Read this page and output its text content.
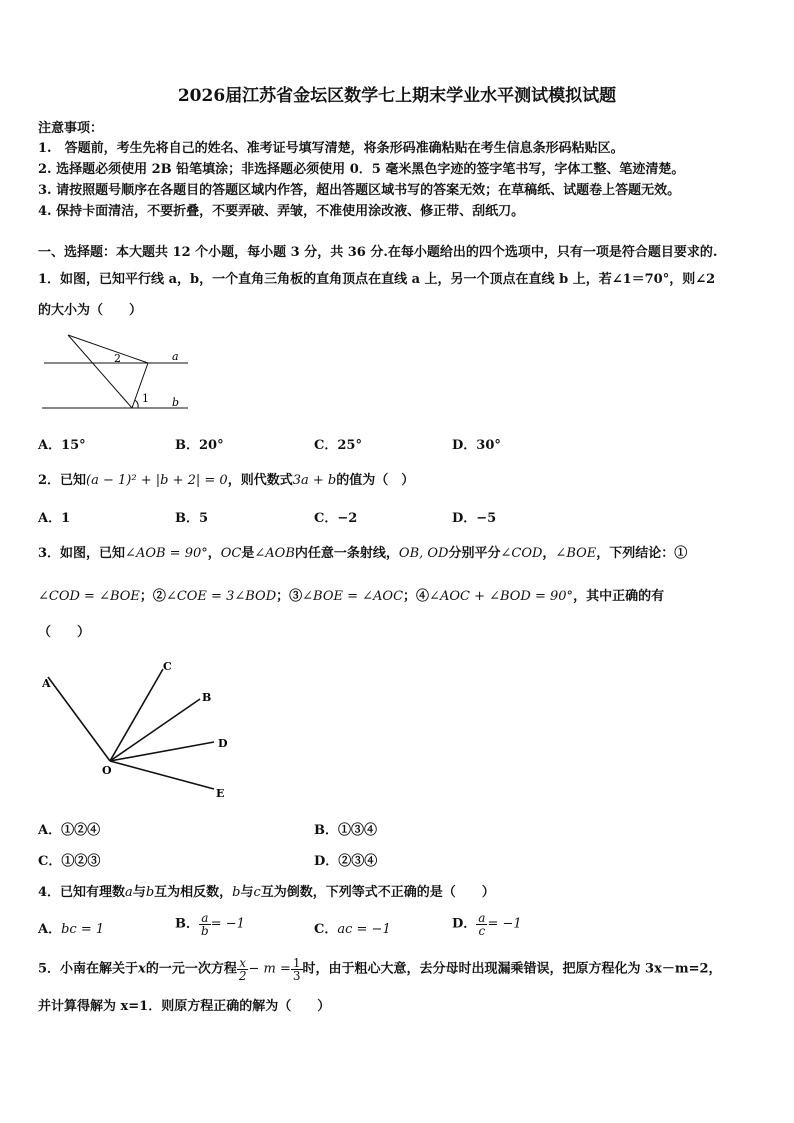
2026届江苏省金坛区数学七上期末学业水平测试模拟试题
注意事项：
1.　答题前，考生先将自己的姓名、准考证号填写清楚，将条形码准确粘贴在考生信息条形码粘贴区。
2. 选择题必须使用 2B 铅笔填涂；非选择题必须使用 0．5 毫米黑色字迹的签字笔书写，字体工整、笔迹清楚。
3. 请按照题号顺序在各题目的答题区域内作答，超出答题区域书写的答案无效；在草稿纸、试题卷上答题无效。
4. 保持卡面清洁，不要折叠，不要弄破、弄皱，不准使用涂改液、修正带、刮纸刀。
一、选择题：本大题共 12 个小题，每小题 3 分，共 36 分.在每小题给出的四个选项中，只有一项是符合题目要求的.
1．如图，已知平行线 a，b，一个直角三角板的直角顶点在直线 a 上，另一个顶点在直线 b 上，若∠1＝70°，则∠2
的大小为（　　）
2
1
a
b
A．15°	B．20°	C．25°	D．30°
2．已知(a − 1)² + |b + 2| = 0，则代数式3a + b的值为（　）
A．1	B．5	C．−2	D．−5
3．如图，已知∠AOB = 90°，OC是∠AOB内任意一条射线，OB, OD分别平分∠COD，∠BOE，下列结论：①
∠COD = ∠BOE；②∠COE = 3∠BOD；③∠BOE = ∠AOC；④∠AOC + ∠BOD = 90°，其中正确的有
（　　）
A
C
B
D
E
O
A．①②④	B．①③④
C．①②③	D．②③④
4．已知有理数a与b互为相反数，b与c互为倒数，下列等式不正确的是（　　）
A．bc = 1	B． $\frac{a}{b} = -1$	C．ac = −1	D． $\frac{a}{c} = -1$
5．小南在解关于x的一元一次方程 $\frac{x}{2} - m = \frac{1}{3}$ 时，由于粗心大意，去分母时出现漏乘错误，把原方程化为 3x－m=2，
并计算得解为 x=1．则原方程正确的解为（　　）
